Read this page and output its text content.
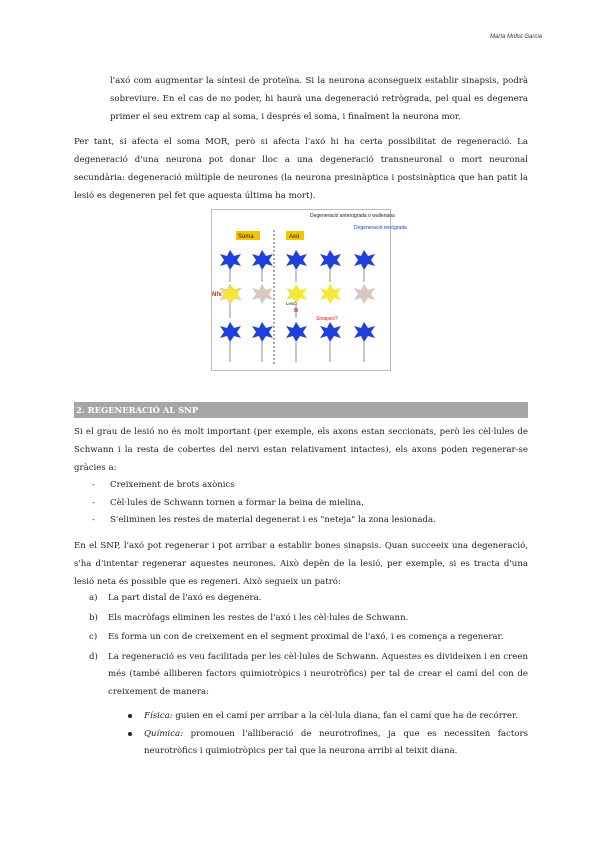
Marta Molist Garcia
l'axó com augmentar la síntesi de proteïna. Si la neurona aconsegueix establir sinapsis, podrà sobreviure. En el cas de no poder, hi haurà una degeneració retrògrada, pel qual es degenera primer el seu extrem cap al soma, i després el soma, i finalment la neurona mor.
Per tant, si afecta el soma MOR, però si afecta l'axó hi ha certa possibilitat de regeneració. La degeneració d'una neurona pot donar lloc a una degeneració transneuronal o mort neuronal secundària: degeneració múltiple de neurones (la neurona presinàptica i postsinàptica que han patit la lesió es degeneren pel fet que aquesta última ha mort).
Soma	Axó
Degeneració anterograda o walleriana
Degeneració retrògrada
Nfx
Lesió
Sinapsis?
2. REGENERACIÓ AL SNP
Si el grau de lesió no és molt important (per exemple, els axons estan seccionats, però les cèl·lules de Schwann i la resta de cobertes del nervi estan relativament intactes), els axons poden regenerar-se gràcies a:
- Creixement de brots axònics
- Cèl·lules de Schwann tornen a formar la beina de mielina,
- S'eliminen les restes de material degenerat i es "neteja" la zona lesionada.
En el SNP, l'axó pot regenerar i pot arribar a establir bones sinapsis. Quan succeeix una degeneració, s'ha d'intentar regenerar aquestes neurones. Això depèn de la lesió, per exemple, si es tracta d'una lesió neta és possible que es regeneri. Això segueix un patró:
a) La part distal de l'axó es degenera.
b) Els macròfags eliminen les restes de l'axó i les cèl·lules de Schwann.
c) Es forma un con de creixement en el segment proximal de l'axó, i es comença a regenerar.
d) La regeneració es veu facilitada per les cèl·lules de Schwann. Aquestes es divideixen i en creen més (també alliberen factors quimiotròpics i neurotròfics) per tal de crear el camí del con de creixement de manera:
Física: guien en el camí per arribar a la cèl·lula diana, fan el camí que ha de recórrer.
Química: promouen l'alliberació de neurotrofines, ja que es necessiten factors neurotròfics i quimiotròpics per tal que la neurona arribi al teixit diana.
